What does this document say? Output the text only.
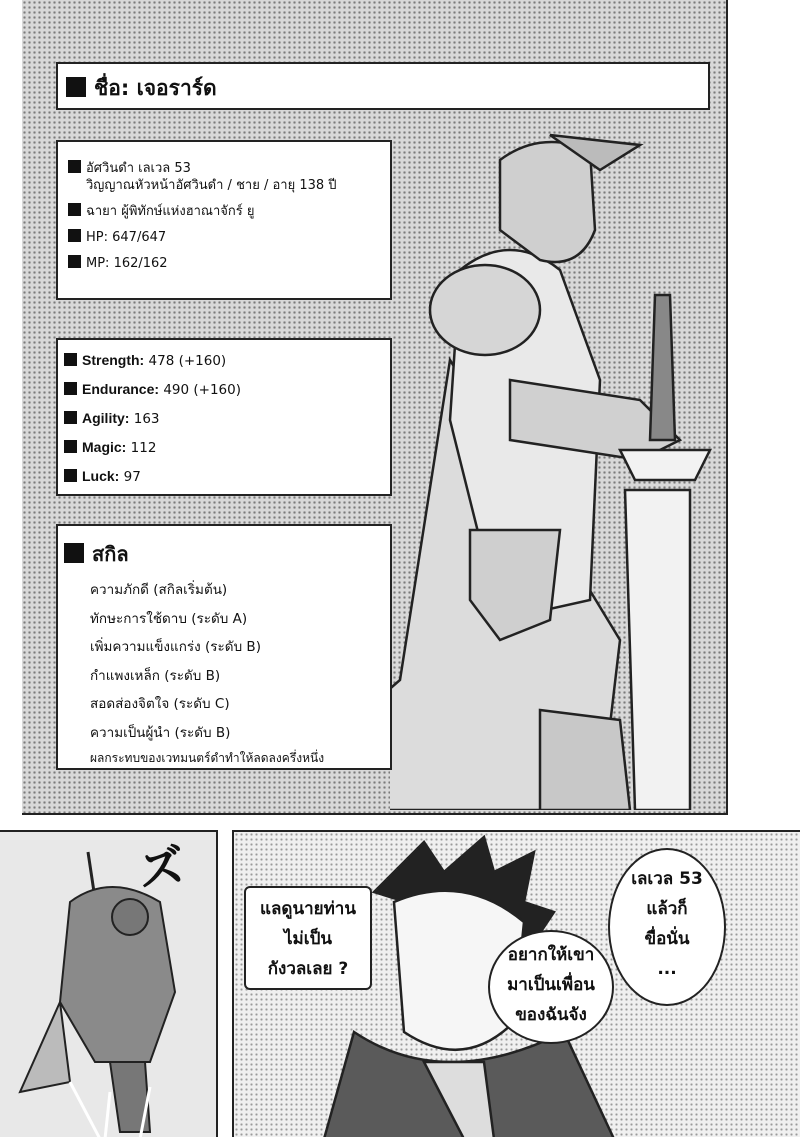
ชื่อ: เจอราร์ด
อัศวินดำ เลเวล 53
วิญญาณหัวหน้าอัศวินดำ / ชาย / อายุ 138 ปี
ฉายา ผู้พิทักษ์แห่งฮาณาจักร์ ยู
HP: 647/647
MP: 162/162
Strength: 478 (+160)
Endurance: 490 (+160)
Agility: 163
Magic: 112
Luck: 97
สกิล
ความภักดี (สกิลเริ่มต้น)
ทักษะการใช้ดาบ (ระดับ A)
เพิ่มความแข็งแกร่ง (ระดับ B)
กำแพงเหล็ก (ระดับ B)
สอดส่องจิตใจ (ระดับ C)
ความเป็นผู้นำ (ระดับ B)
ผลกระทบของเวทมนตร์ดำทำให้ลดลงครึ่งหนึ่ง
ズ
แลดูนายท่าน
ไม่เป็น
กังวลเลย ?
อยากให้เขา
มาเป็นเพื่อน
ของฉันจัง
เลเวล 53
แล้วก็
ขื่อนั่น
...
